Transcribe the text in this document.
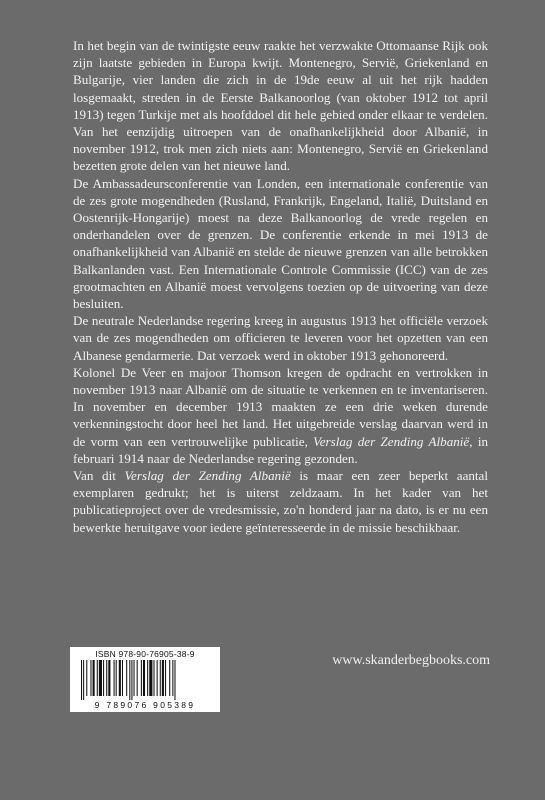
In het begin van de twintigste eeuw raakte het verzwakte Ottomaanse Rijk ook zijn laatste gebieden in Europa kwijt. Montenegro, Servië, Griekenland en Bulgarije, vier landen die zich in de 19de eeuw al uit het rijk hadden losgemaakt, streden in de Eerste Balkanoorlog (van oktober 1912 tot april 1913) tegen Turkije met als hoofddoel dit hele gebied onder elkaar te verdelen. Van het eenzijdig uitroepen van de onafhankelijkheid door Albanië, in november 1912, trok men zich niets aan: Montenegro, Servië en Griekenland bezetten grote delen van het nieuwe land.

De Ambassadeursconferentie van Londen, een internationale conferentie van de zes grote mogendheden (Rusland, Frankrijk, Engeland, Italië, Duitsland en Oostenrijk-Hongarije) moest na deze Balkanoorlog de vrede regelen en onderhandelen over de grenzen. De conferentie erkende in mei 1913 de onafhankelijkheid van Albanië en stelde de nieuwe grenzen van alle betrokken Balkanlanden vast. Een Internationale Controle Commissie (ICC) van de zes grootmachten en Albanië moest vervolgens toezien op de uitvoering van deze besluiten.

De neutrale Nederlandse regering kreeg in augustus 1913 het officiële verzoek van de zes mogendheden om officieren te leveren voor het opzetten van een Albanese gendarmerie. Dat verzoek werd in oktober 1913 gehonoreerd.

Kolonel De Veer en majoor Thomson kregen de opdracht en vertrokken in november 1913 naar Albanië om de situatie te verkennen en te inventariseren. In november en december 1913 maakten ze een drie weken durende verkenningstocht door heel het land. Het uitgebreide verslag daarvan werd in de vorm van een vertrouwelijke publicatie, Verslag der Zending Albanië, in februari 1914 naar de Nederlandse regering gezonden.

Van dit Verslag der Zending Albanië is maar een zeer beperkt aantal exemplaren gedrukt; het is uiterst zeldzaam. In het kader van het publicatieproject over de vredesmissie, zo'n honderd jaar na dato, is er nu een bewerkte heruitgave voor iedere geïnteresseerde in de missie beschikbaar.

ISBN 978-90-76905-38-9
9 789076 905389
www.skanderbegbooks.com
